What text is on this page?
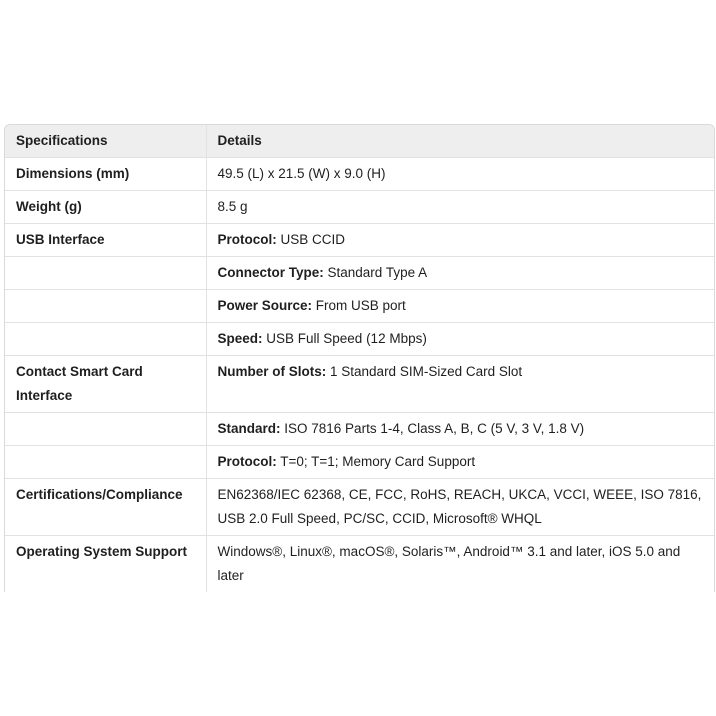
Specifications	Details
Dimensions (mm)	49.5 (L) x 21.5 (W) x 9.0 (H)
Weight (g)	8.5 g
USB Interface	Protocol: USB CCID
	Connector Type: Standard Type A
	Power Source: From USB port
	Speed: USB Full Speed (12 Mbps)
Contact Smart Card Interface	Number of Slots: 1 Standard SIM-Sized Card Slot
	Standard: ISO 7816 Parts 1-4, Class A, B, C (5 V, 3 V, 1.8 V)
	Protocol: T=0; T=1; Memory Card Support
Certifications/Compliance	EN62368/IEC 62368, CE, FCC, RoHS, REACH, UKCA, VCCI, WEEE, ISO 7816, USB 2.0 Full Speed, PC/SC, CCID, Microsoft® WHQL
Operating System Support	Windows®, Linux®, macOS®, Solaris™, Android™ 3.1 and later, iOS 5.0 and later
